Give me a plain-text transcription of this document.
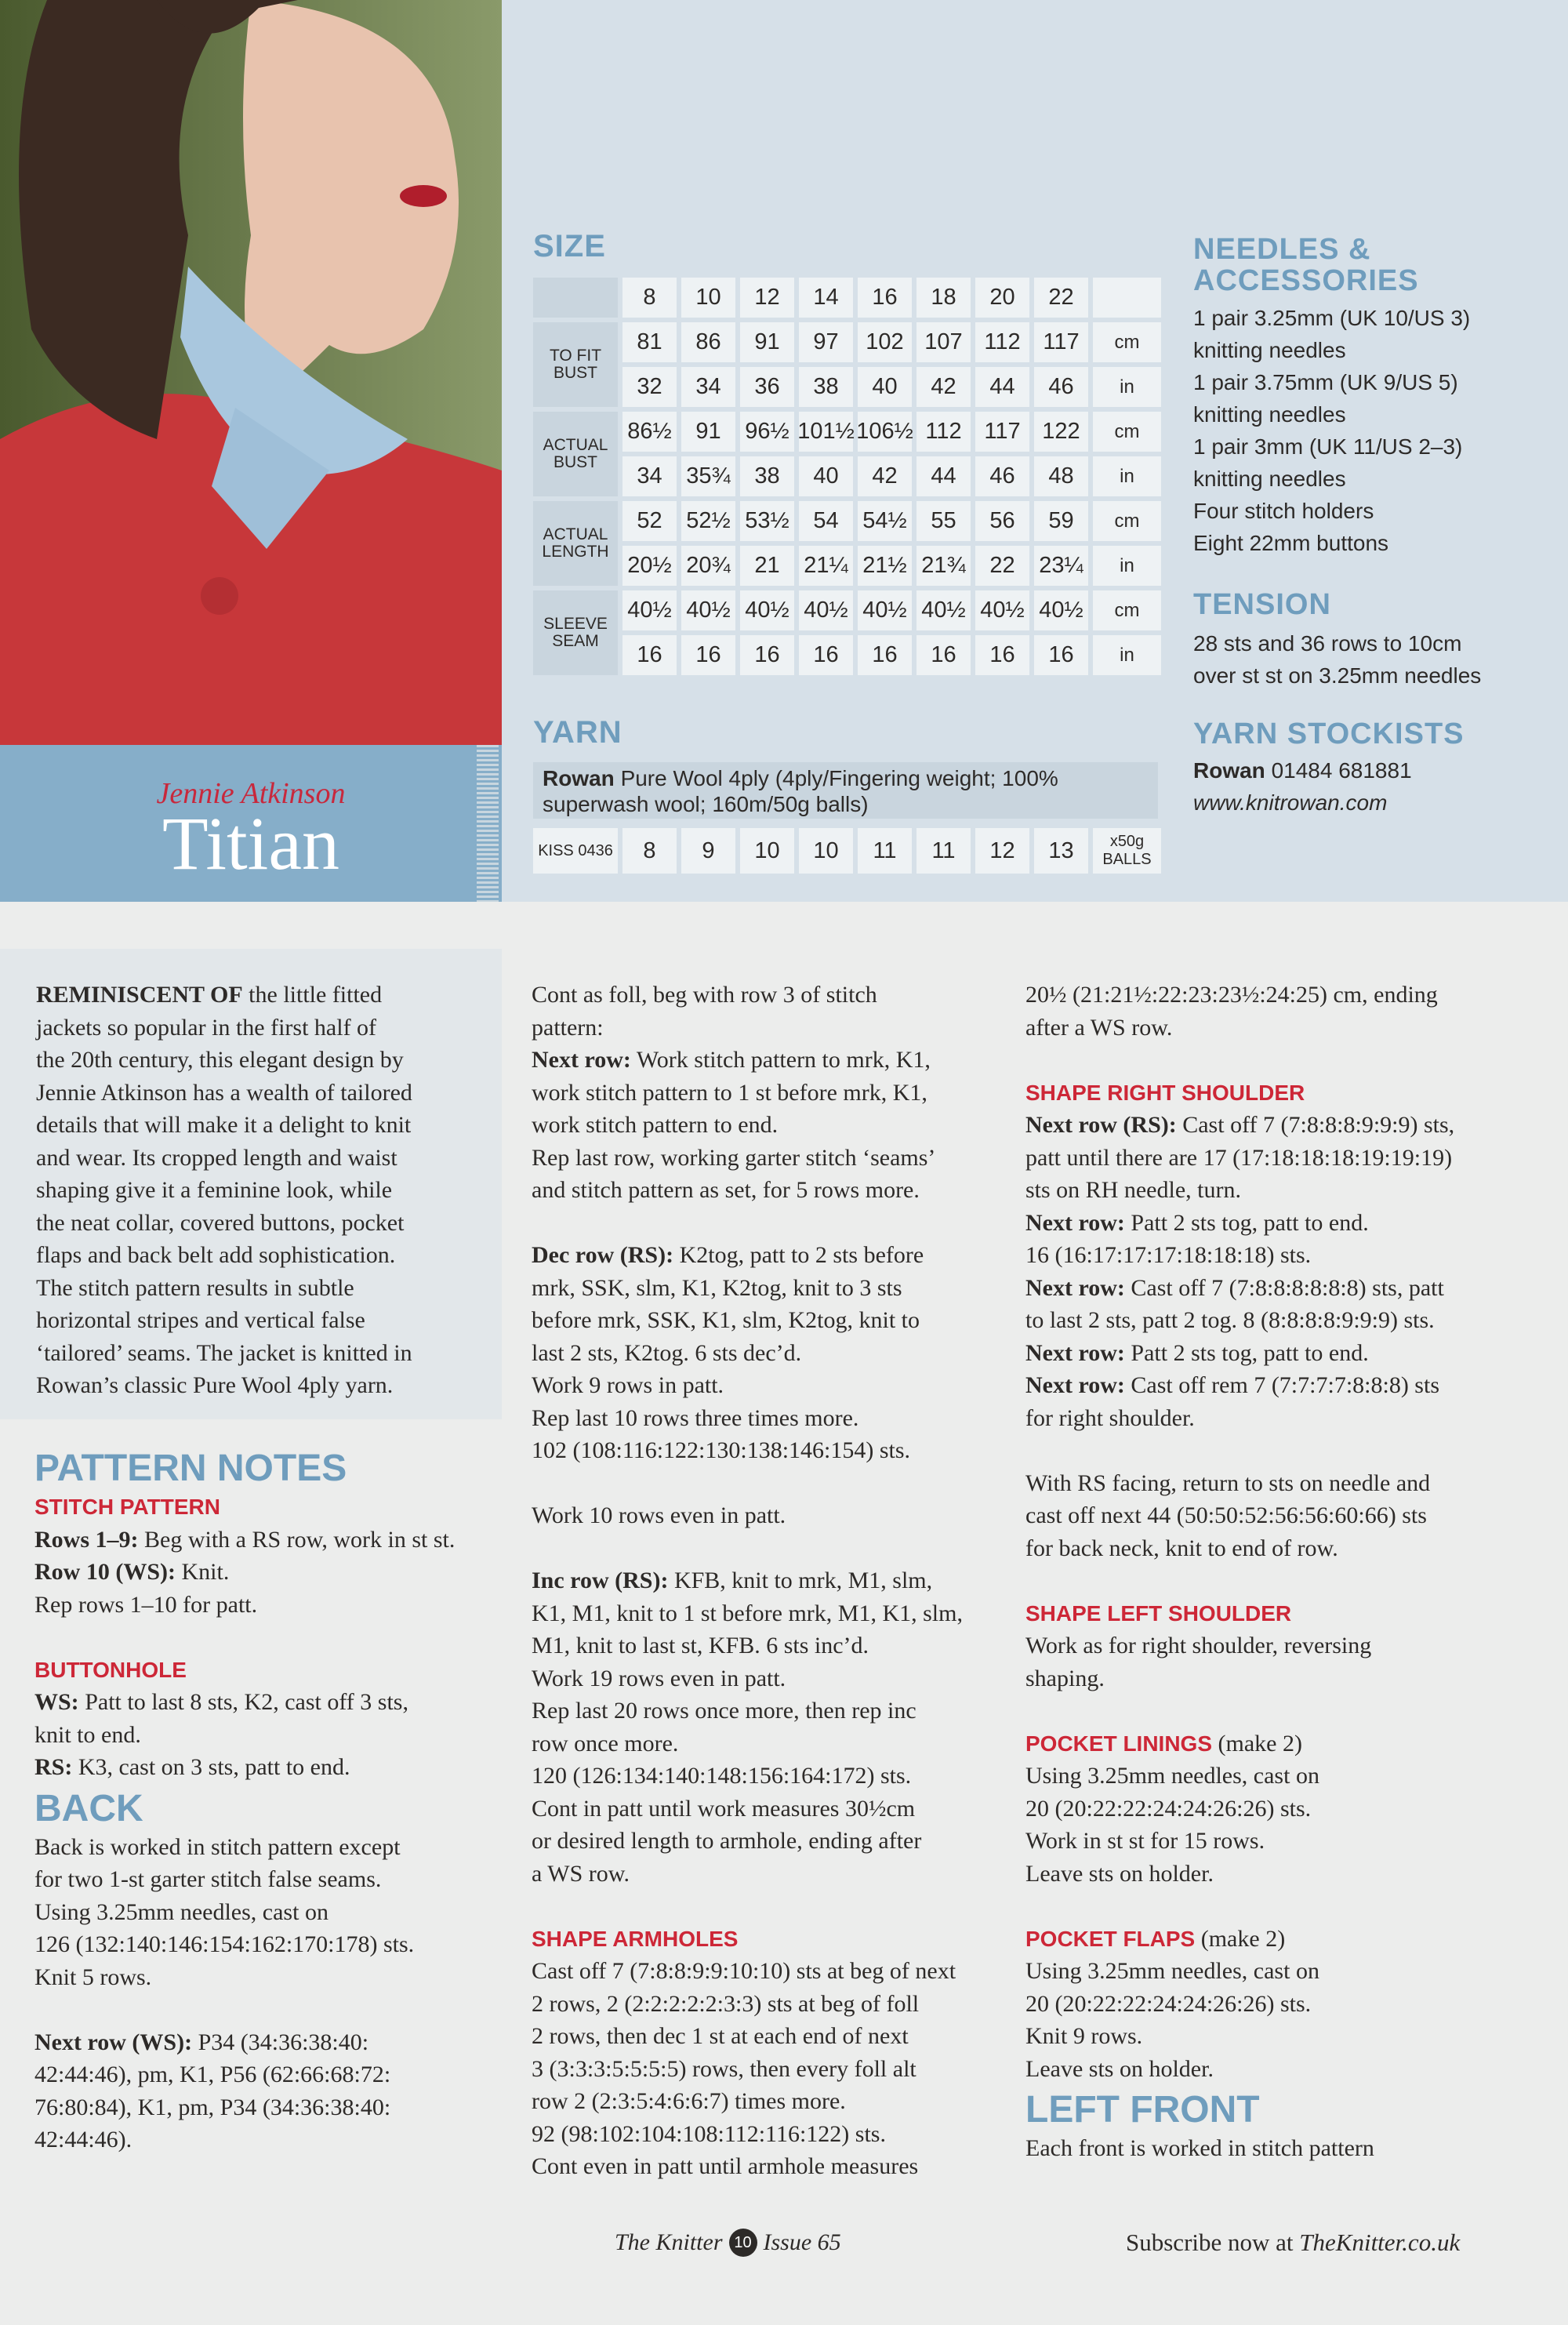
Jennie Atkinson
Titian
SIZE
8	10	12	14	16	18	20	22
TO FIT BUST
81	86	91	97	102 107 112 117	cm
32	34	36	38	40	42	44	46	in
ACTUAL BUST
86½	91	96½ 101½ 106½ 112 117 122	cm
34	35¾	38	40	42	44	46	48	in
ACTUAL LENGTH
52	52½ 53½	54	54½	55	56	59	cm
20½ 20¾	21	21¼ 21½ 21¾	22	23¼	in
SLEEVE SEAM
40½ 40½ 40½ 40½ 40½ 40½ 40½ 40½	cm
16	16	16	16	16	16	16	16	in
YARN
Rowan Pure Wool 4ply (4ply/Fingering weight; 100% superwash wool; 160m/50g balls)
KISS 0436	8	9	10	10	11	11	12	13	x50g BALLS
NEEDLES & ACCESSORIES
1 pair 3.25mm (UK 10/US 3)
knitting needles
1 pair 3.75mm (UK 9/US 5)
knitting needles
1 pair 3mm (UK 11/US 2–3)
knitting needles
Four stitch holders
Eight 22mm buttons
TENSION
28 sts and 36 rows to 10cm
over st st on 3.25mm needles
YARN STOCKISTS
Rowan 01484 681881
www.knitrowan.com

REMINISCENT OF the little fitted

jackets so popular in the first half of

the 20th century, this elegant design by

Jennie Atkinson has a wealth of tailored

details that will make it a delight to knit

and wear. Its cropped length and waist

shaping give it a feminine look, while

the neat collar, covered buttons, pocket

flaps and back belt add sophistication.

The stitch pattern results in subtle

horizontal stripes and vertical false

‘tailored’ seams. The jacket is knitted in

Rowan’s classic Pure Wool 4ply yarn.

PATTERN NOTES
STITCH PATTERN

Rows 1–9: Beg with a RS row, work in st st.

Row 10 (WS): Knit.

Rep rows 1–10 for patt.

BUTTONHOLE

WS: Patt to last 8 sts, K2, cast off 3 sts,

knit to end.

RS: K3, cast on 3 sts, patt to end.

BACK

Back is worked in stitch pattern except

for two 1-st garter stitch false seams.

Using 3.25mm needles, cast on

126 (132:140:146:154:162:170:178) sts.

Knit 5 rows.

Next row (WS): P34 (34:36:38:40:

42:44:46), pm, K1, P56 (62:66:68:72:

76:80:84), K1, pm, P34 (34:36:38:40:

42:44:46).

Cont as foll, beg with row 3 of stitch

pattern:

Next row: Work stitch pattern to mrk, K1,

work stitch pattern to 1 st before mrk, K1,

work stitch pattern to end.

Rep last row, working garter stitch ‘seams’

and stitch pattern as set, for 5 rows more.

Dec row (RS): K2tog, patt to 2 sts before

mrk, SSK, slm, K1, K2tog, knit to 3 sts

before mrk, SSK, K1, slm, K2tog, knit to

last 2 sts, K2tog. 6 sts dec’d.

Work 9 rows in patt.

Rep last 10 rows three times more.

102 (108:116:122:130:138:146:154) sts.

Work 10 rows even in patt.

Inc row (RS): KFB, knit to mrk, M1, slm,

K1, M1, knit to 1 st before mrk, M1, K1, slm,

M1, knit to last st, KFB. 6 sts inc’d.

Work 19 rows even in patt.

Rep last 20 rows once more, then rep inc

row once more.

120 (126:134:140:148:156:164:172) sts.

Cont in patt until work measures 30½cm

or desired length to armhole, ending after

a WS row.

SHAPE ARMHOLES

Cast off 7 (7:8:8:9:9:10:10) sts at beg of next

2 rows, 2 (2:2:2:2:2:3:3) sts at beg of foll

2 rows, then dec 1 st at each end of next

3 (3:3:3:5:5:5:5) rows, then every foll alt

row 2 (2:3:5:4:6:6:7) times more.

92 (98:102:104:108:112:116:122) sts.

Cont even in patt until armhole measures

20½ (21:21½:22:23:23½:24:25) cm, ending

after a WS row.

SHAPE RIGHT SHOULDER

Next row (RS): Cast off 7 (7:8:8:8:9:9:9) sts,

patt until there are 17 (17:18:18:18:19:19:19)

sts on RH needle, turn.

Next row: Patt 2 sts tog, patt to end.

16 (16:17:17:17:18:18:18) sts.

Next row: Cast off 7 (7:8:8:8:8:8:8) sts, patt

to last 2 sts, patt 2 tog. 8 (8:8:8:8:9:9:9) sts.

Next row: Patt 2 sts tog, patt to end.

Next row: Cast off rem 7 (7:7:7:7:8:8:8) sts

for right shoulder.

With RS facing, return to sts on needle and

cast off next 44 (50:50:52:56:56:60:66) sts

for back neck, knit to end of row.

SHAPE LEFT SHOULDER

Work as for right shoulder, reversing

shaping.

POCKET LININGS (make 2)

Using 3.25mm needles, cast on

20 (20:22:22:24:24:26:26) sts.

Work in st st for 15 rows.

Leave sts on holder.

POCKET FLAPS (make 2)

Using 3.25mm needles, cast on

20 (20:22:22:24:24:26:26) sts.

Knit 9 rows.

Leave sts on holder.

LEFT FRONT

Each front is worked in stitch pattern

The Knitter 10 Issue 65	Subscribe now at TheKnitter.co.uk
